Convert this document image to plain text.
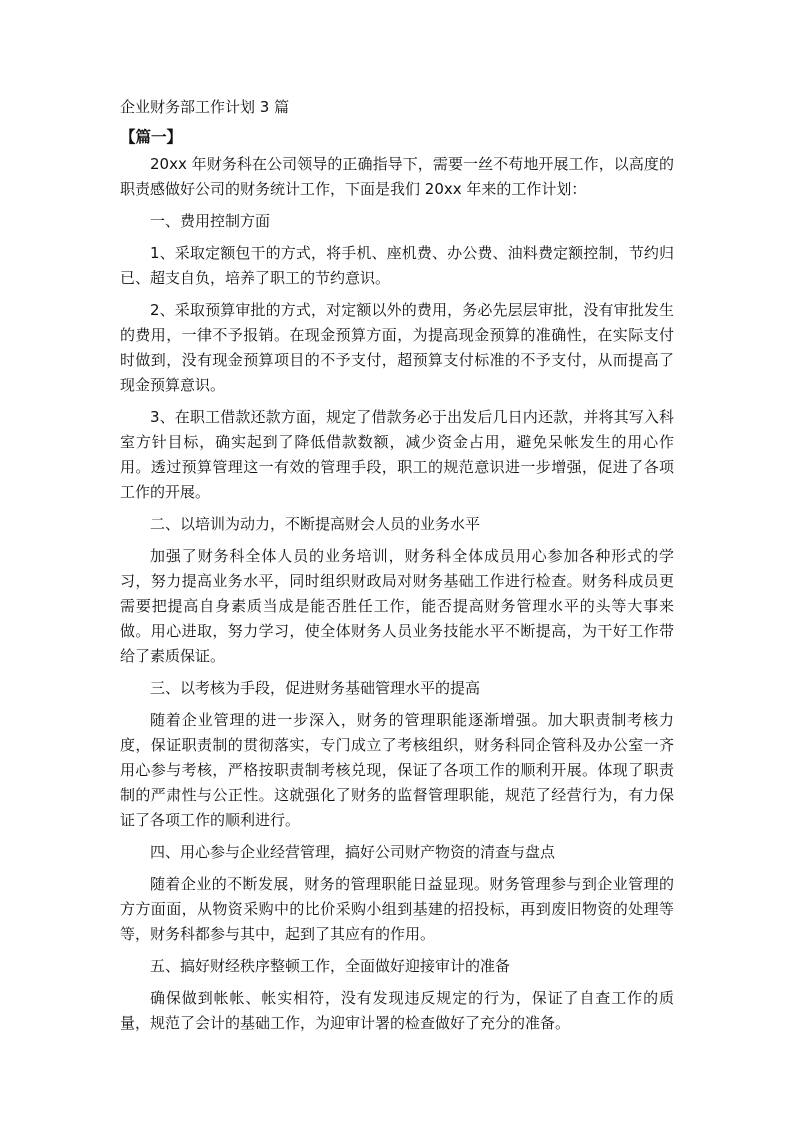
企业财务部工作计划 3 篇
【篇一】

20xx 年财务科在公司领导的正确指导下，需要一丝不苟地开展工作，以高度的职责感做好公司的财务统计工作，下面是我们 20xx 年来的工作计划：

一、费用控制方面

1、采取定额包干的方式，将手机、座机费、办公费、油料费定额控制，节约归已、超支自负，培养了职工的节约意识。

2、采取预算审批的方式，对定额以外的费用，务必先层层审批，没有审批发生的费用，一律不予报销。在现金预算方面，为提高现金预算的准确性，在实际支付时做到，没有现金预算项目的不予支付，超预算支付标准的不予支付，从而提高了现金预算意识。

3、在职工借款还款方面，规定了借款务必于出发后几日内还款，并将其写入科室方针目标，确实起到了降低借款数额，减少资金占用，避免呆帐发生的用心作用。透过预算管理这一有效的管理手段，职工的规范意识进一步增强，促进了各项工作的开展。

二、以培训为动力，不断提高财会人员的业务水平

加强了财务科全体人员的业务培训，财务科全体成员用心参加各种形式的学习，努力提高业务水平，同时组织财政局对财务基础工作进行检查。财务科成员更需要把提高自身素质当成是能否胜任工作，能否提高财务管理水平的头等大事来做。用心进取，努力学习，使全体财务人员业务技能水平不断提高，为干好工作带给了素质保证。

三、以考核为手段，促进财务基础管理水平的提高

随着企业管理的进一步深入，财务的管理职能逐渐增强。加大职责制考核力度，保证职责制的贯彻落实，专门成立了考核组织，财务科同企管科及办公室一齐用心参与考核，严格按职责制考核兑现，保证了各项工作的顺利开展。体现了职责制的严肃性与公正性。这就强化了财务的监督管理职能，规范了经营行为，有力保证了各项工作的顺利进行。

四、用心参与企业经营管理，搞好公司财产物资的清查与盘点

随着企业的不断发展，财务的管理职能日益显现。财务管理参与到企业管理的方方面面，从物资采购中的比价采购小组到基建的招投标，再到废旧物资的处理等等，财务科都参与其中，起到了其应有的作用。

五、搞好财经秩序整顿工作，全面做好迎接审计的准备

确保做到帐帐、帐实相符，没有发现违反规定的行为，保证了自查工作的质量，规范了会计的基础工作，为迎审计署的检查做好了充分的准备。
